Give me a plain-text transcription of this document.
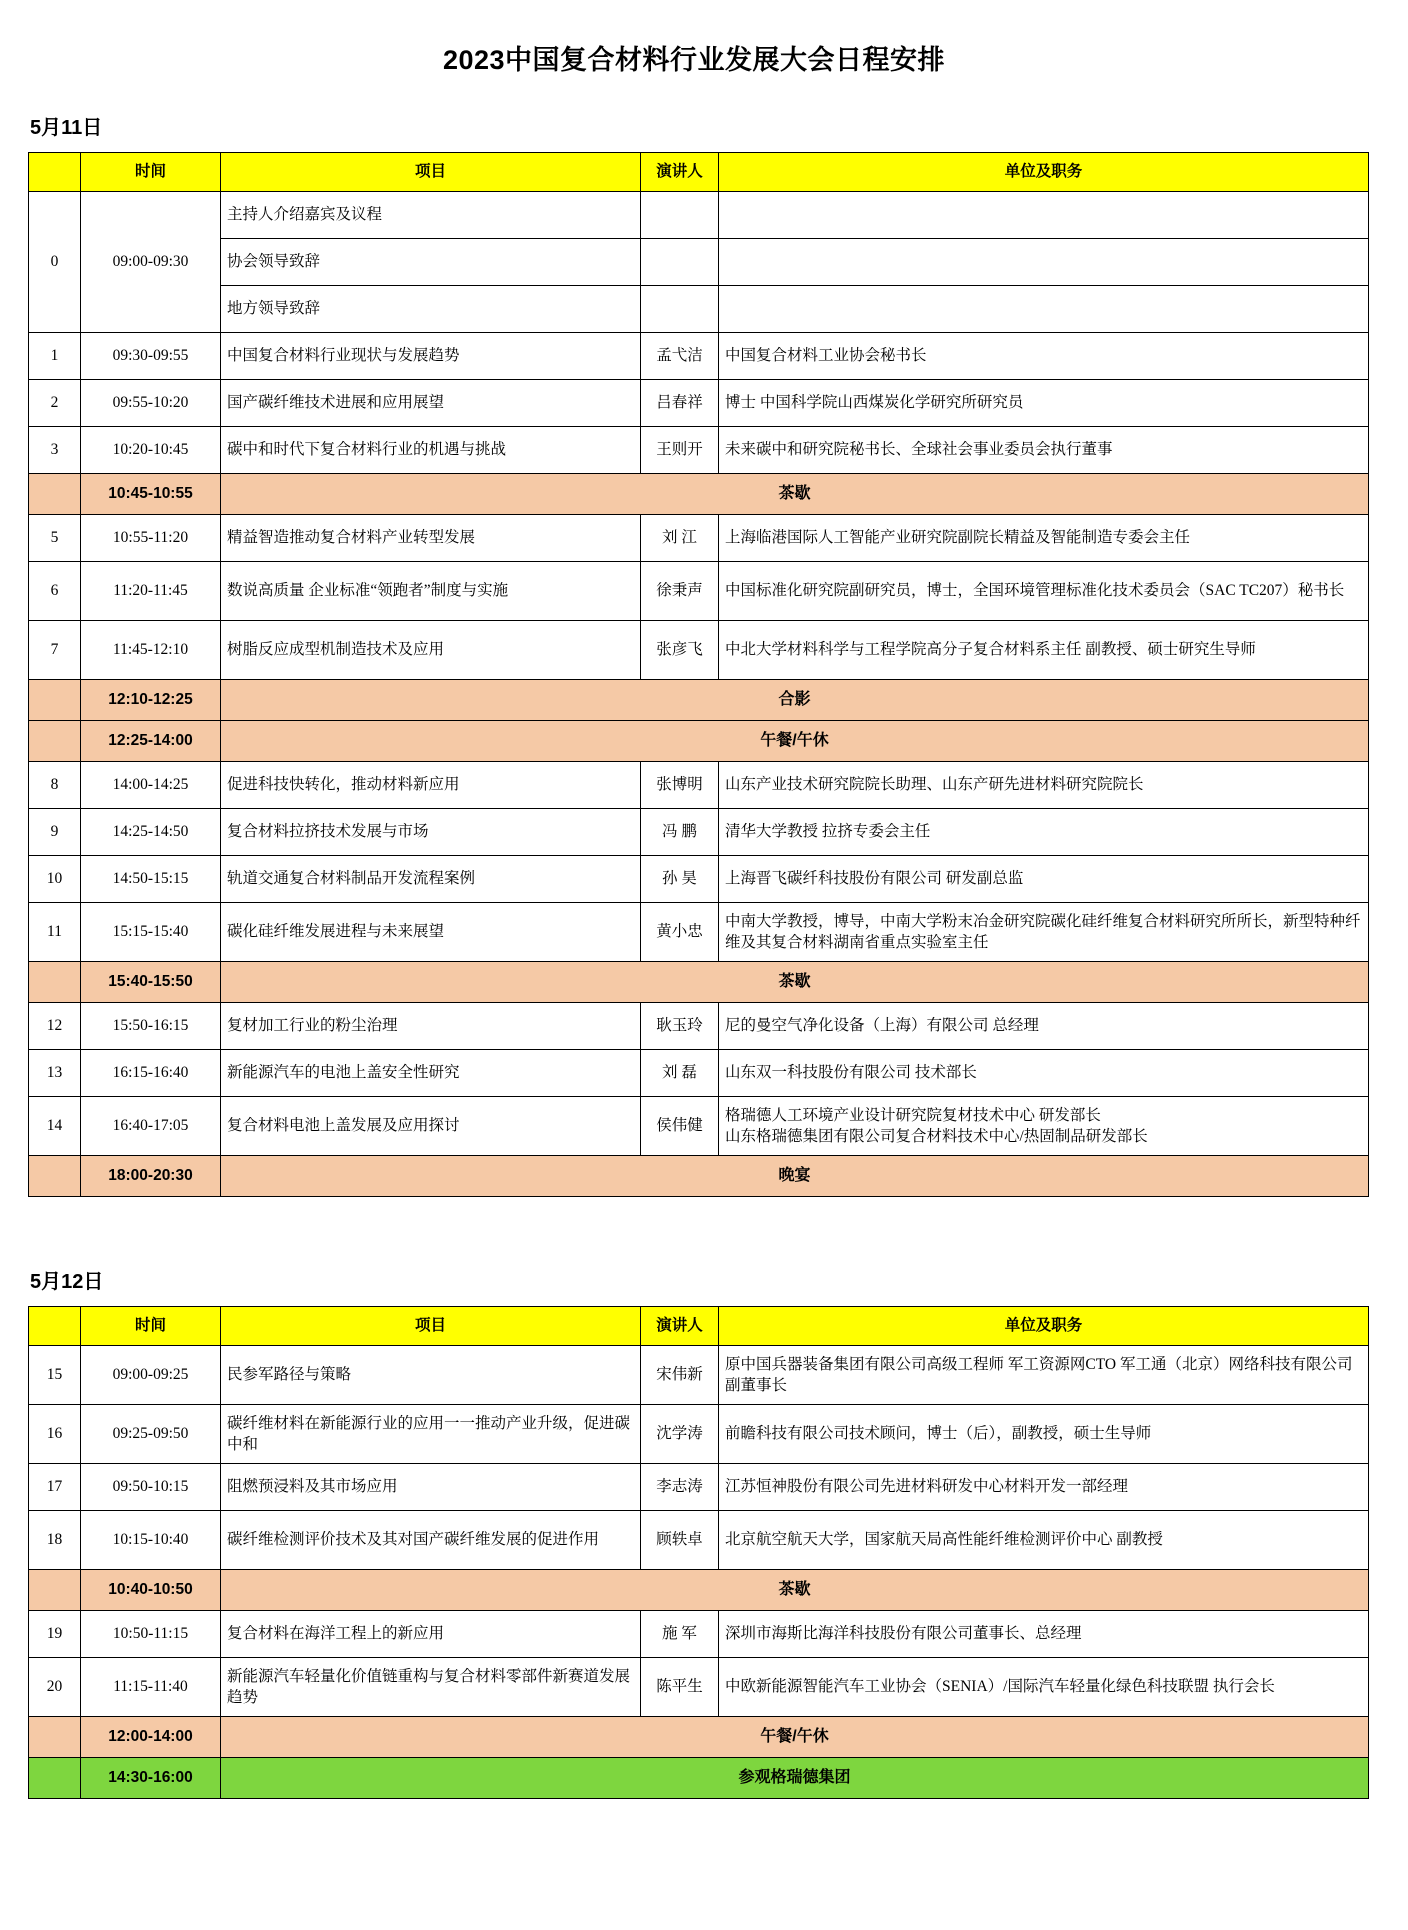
2023中国复合材料行业发展大会日程安排
5月11日
	时间	项目	演讲人	单位及职务
0	09:00-09:30	主持人介绍嘉宾及议程		
		协会领导致辞		
		地方领导致辞		
1	09:30-09:55	中国复合材料行业现状与发展趋势	孟弋洁	中国复合材料工业协会秘书长
2	09:55-10:20	国产碳纤维技术进展和应用展望	吕春祥	博士 中国科学院山西煤炭化学研究所研究员
3	10:20-10:45	碳中和时代下复合材料行业的机遇与挑战	王则开	未来碳中和研究院秘书长、全球社会事业委员会执行董事
	10:45-10:55	茶歇		
5	10:55-11:20	精益智造推动复合材料产业转型发展	刘 江	上海临港国际人工智能产业研究院副院长精益及智能制造专委会主任
6	11:20-11:45	数说高质量 企业标准“领跑者”制度与实施	徐秉声	中国标准化研究院副研究员，博士，全国环境管理标准化技术委员会（SAC TC207）秘书长
7	11:45-12:10	树脂反应成型机制造技术及应用	张彦飞	中北大学材料科学与工程学院高分子复合材料系主任 副教授、硕士研究生导师
	12:10-12:25	合影		
	12:25-14:00	午餐/午休		
8	14:00-14:25	促进科技快转化，推动材料新应用	张博明	山东产业技术研究院院长助理、山东产研先进材料研究院院长
9	14:25-14:50	复合材料拉挤技术发展与市场	冯 鹏	清华大学教授 拉挤专委会主任
10	14:50-15:15	轨道交通复合材料制品开发流程案例	孙 昊	上海晋飞碳纤科技股份有限公司 研发副总监
11	15:15-15:40	碳化硅纤维发展进程与未来展望	黄小忠	中南大学教授，博导，中南大学粉末冶金研究院碳化硅纤维复合材料研究所所长，新型特种纤维及其复合材料湖南省重点实验室主任
	15:40-15:50	茶歇		
12	15:50-16:15	复材加工行业的粉尘治理	耿玉玲	尼的曼空气净化设备（上海）有限公司 总经理
13	16:15-16:40	新能源汽车的电池上盖安全性研究	刘 磊	山东双一科技股份有限公司 技术部长
14	16:40-17:05	复合材料电池上盖发展及应用探讨	侯伟健	格瑞德人工环境产业设计研究院复材技术中心 研发部长
山东格瑞德集团有限公司复合材料技术中心/热固制品研发部长
	18:00-20:30	晚宴		
5月12日
	时间	项目	演讲人	单位及职务
15	09:00-09:25	民参军路径与策略	宋伟新	原中国兵器装备集团有限公司高级工程师 军工资源网CTO 军工通（北京）网络科技有限公司副董事长
16	09:25-09:50	碳纤维材料在新能源行业的应用一一推动产业升级，促进碳中和	沈学涛	前瞻科技有限公司技术顾问，博士（后），副教授，硕士生导师
17	09:50-10:15	阻燃预浸料及其市场应用	李志涛	江苏恒神股份有限公司先进材料研发中心材料开发一部经理
18	10:15-10:40	碳纤维检测评价技术及其对国产碳纤维发展的促进作用	顾轶卓	北京航空航天大学，国家航天局高性能纤维检测评价中心 副教授
	10:40-10:50	茶歇		
19	10:50-11:15	复合材料在海洋工程上的新应用	施 军	深圳市海斯比海洋科技股份有限公司董事长、总经理
20	11:15-11:40	新能源汽车轻量化价值链重构与复合材料零部件新赛道发展趋势	陈平生	中欧新能源智能汽车工业协会（SENIA）/国际汽车轻量化绿色科技联盟 执行会长
	12:00-14:00	午餐/午休		
	14:30-16:00	参观格瑞德集团		
